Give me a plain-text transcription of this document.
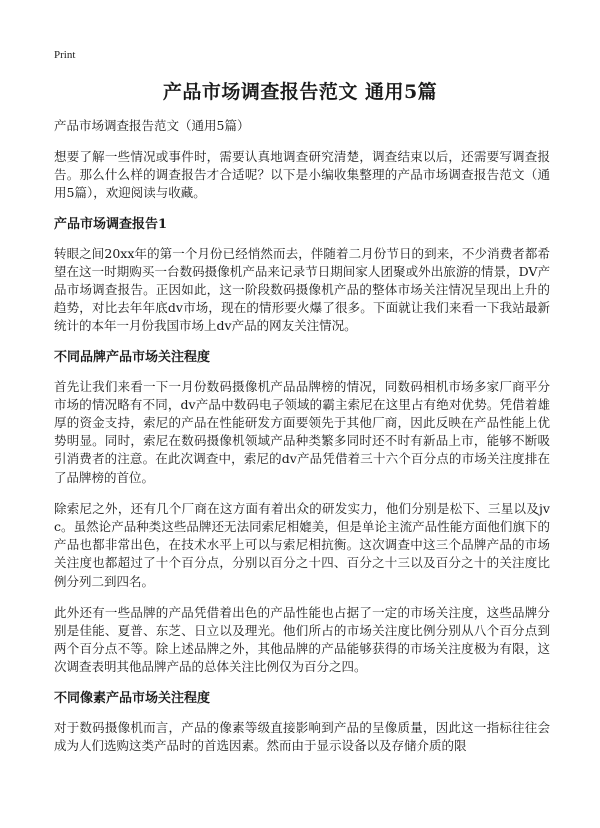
Print
产品市场调查报告范文 通用5篇

产品市场调查报告范文（通用5篇）

想要了解一些情况或事件时，需要认真地调查研究清楚，调查结束以后，还需要写调查报告。那么什么样的调查报告才合适呢？以下是小编收集整理的产品市场调查报告范文（通用5篇），欢迎阅读与收藏。

产品市场调查报告1

转眼之间20xx年的第一个月份已经悄然而去，伴随着二月份节日的到来，不少消费者都希望在这一时期购买一台数码摄像机产品来记录节日期间家人团聚或外出旅游的情景，DV产品市场调查报告。正因如此，这一阶段数码摄像机产品的整体市场关注情况呈现出上升的趋势，对比去年年底dv市场，现在的情形要火爆了很多。下面就让我们来看一下我站最新统计的本年一月份我国市场上dv产品的网友关注情况。

不同品牌产品市场关注程度

首先让我们来看一下一月份数码摄像机产品品牌榜的情况，同数码相机市场多家厂商平分市场的情况略有不同，dv产品中数码电子领域的霸主索尼在这里占有绝对优势。凭借着雄厚的资金支持，索尼的产品在性能研发方面要领先于其他厂商，因此反映在产品性能上优势明显。同时，索尼在数码摄像机领域产品种类繁多同时还不时有新品上市，能够不断吸引消费者的注意。在此次调查中，索尼的dv产品凭借着三十六个百分点的市场关注度排在了品牌榜的首位。

除索尼之外，还有几个厂商在这方面有着出众的研发实力，他们分别是松下、三星以及jvc。虽然论产品种类这些品牌还无法同索尼相媲美，但是单论主流产品性能方面他们旗下的产品也都非常出色，在技术水平上可以与索尼相抗衡。这次调查中这三个品牌产品的市场关注度也都超过了十个百分点，分别以百分之十四、百分之十三以及百分之十的关注度比例分列二到四名。

此外还有一些品牌的产品凭借着出色的产品性能也占据了一定的市场关注度，这些品牌分别是佳能、夏普、东芝、日立以及理光。他们所占的市场关注度比例分别从八个百分点到两个百分点不等。除上述品牌之外，其他品牌的产品能够获得的市场关注度极为有限，这次调查表明其他品牌产品的总体关注比例仅为百分之四。

不同像素产品市场关注程度

对于数码摄像机而言，产品的像素等级直接影响到产品的呈像质量，因此这一指标往往会成为人们选购这类产品时的首选因素。然而由于显示设备以及存储介质的限
